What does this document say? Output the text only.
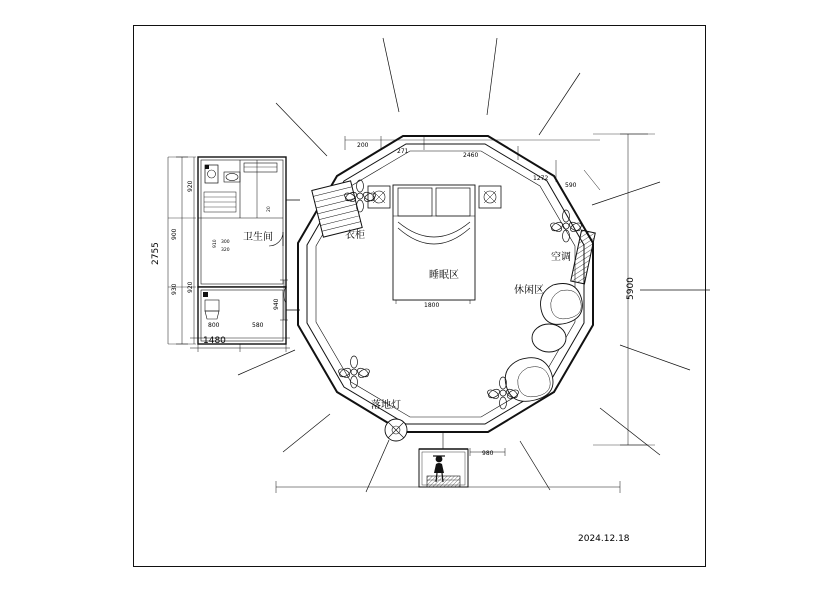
卫生间	衣柜
睡眠区
空调
休闲区
落地灯
5900
2755
1480
800	580
920
900
930 920
300
320
910
20
200
271
2460
1272
590
1800
980
940
2024.12.18
